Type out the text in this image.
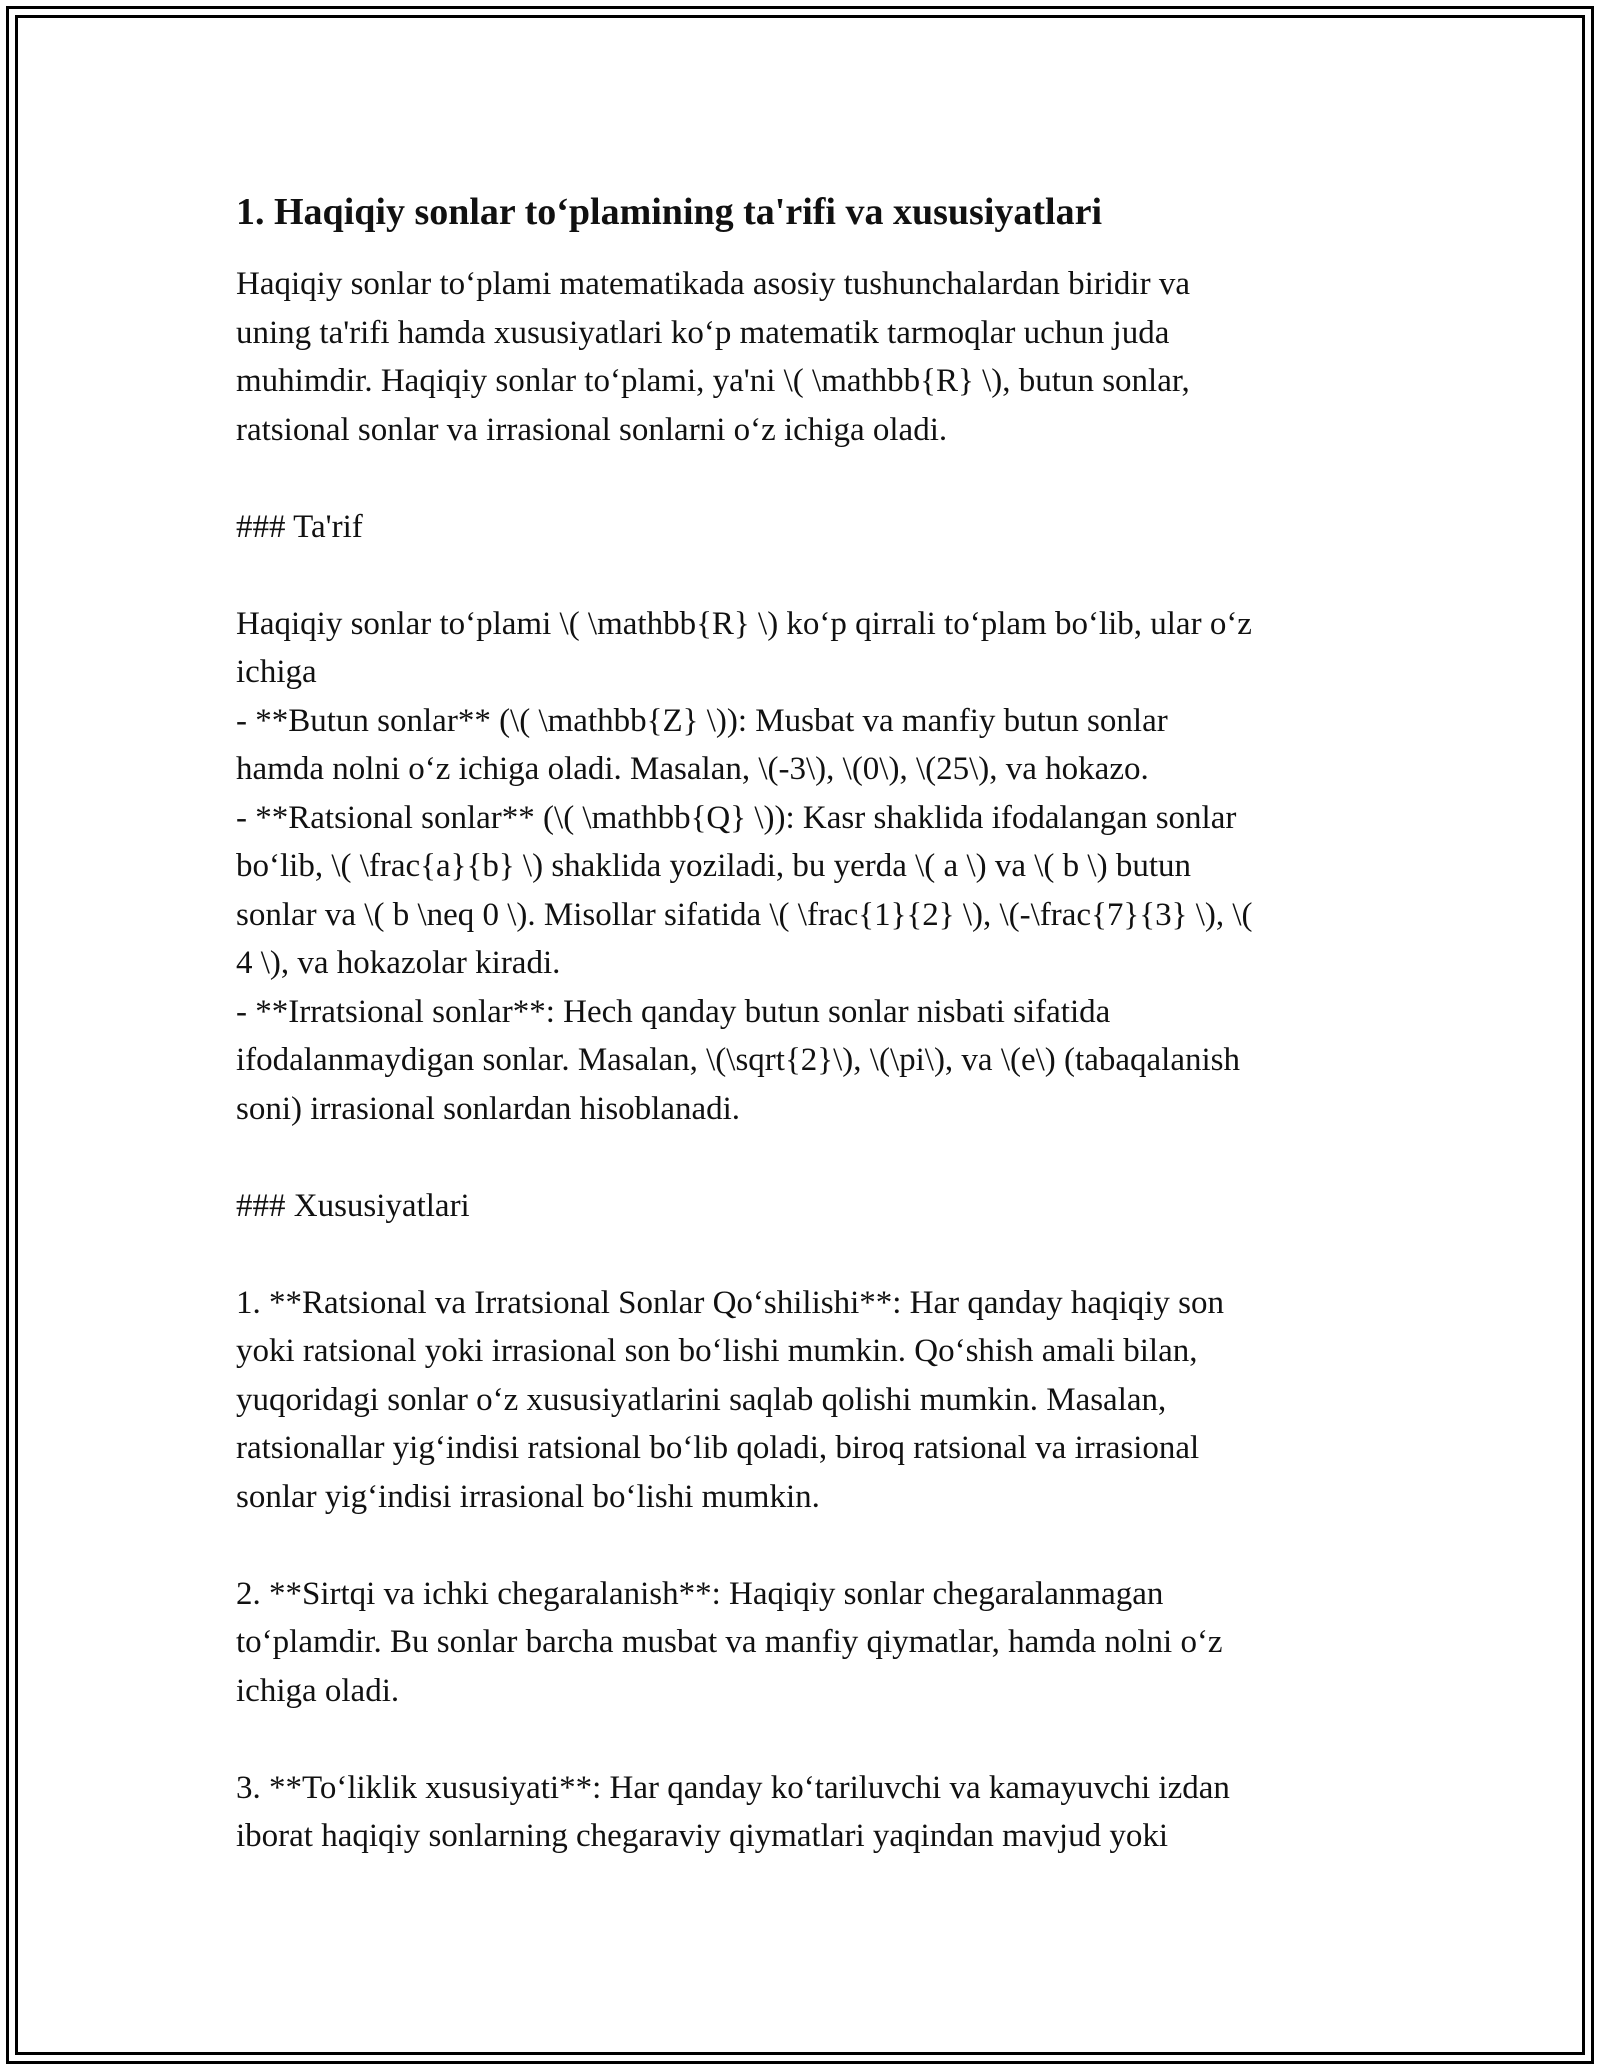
1. Haqiqiy sonlar to‘plamining ta'rifi va xususiyatlari

Haqiqiy sonlar to‘plami matematikada asosiy tushunchalardan biridir va
uning ta'rifi hamda xususiyatlari ko‘p matematik tarmoqlar uchun juda
muhimdir. Haqiqiy sonlar to‘plami, ya'ni \( \mathbb{R} \), butun sonlar,
ratsional sonlar va irrasional sonlarni o‘z ichiga oladi.

### Ta'rif

Haqiqiy sonlar to‘plami \( \mathbb{R} \) ko‘p qirrali to‘plam bo‘lib, ular o‘z
ichiga
- **Butun sonlar** (\( \mathbb{Z} \)): Musbat va manfiy butun sonlar
hamda nolni o‘z ichiga oladi. Masalan, \(-3\), \(0\), \(25\), va hokazo.
- **Ratsional sonlar** (\( \mathbb{Q} \)): Kasr shaklida ifodalangan sonlar
bo‘lib, \( \frac{a}{b} \) shaklida yoziladi, bu yerda \( a \) va \( b \) butun
sonlar va \( b \neq 0 \). Misollar sifatida \( \frac{1}{2} \), \(-\frac{7}{3} \), \(
4 \), va hokazolar kiradi.
- **Irratsional sonlar**: Hech qanday butun sonlar nisbati sifatida
ifodalanmaydigan sonlar. Masalan, \(\sqrt{2}\), \(\pi\), va \(e\) (tabaqalanish
soni) irrasional sonlardan hisoblanadi.

### Xususiyatlari

1. **Ratsional va Irratsional Sonlar Qo‘shilishi**: Har qanday haqiqiy son
yoki ratsional yoki irrasional son bo‘lishi mumkin. Qo‘shish amali bilan,
yuqoridagi sonlar o‘z xususiyatlarini saqlab qolishi mumkin. Masalan,
ratsionallar yig‘indisi ratsional bo‘lib qoladi, biroq ratsional va irrasional
sonlar yig‘indisi irrasional bo‘lishi mumkin.

2. **Sirtqi va ichki chegaralanish**: Haqiqiy sonlar chegaralanmagan
to‘plamdir. Bu sonlar barcha musbat va manfiy qiymatlar, hamda nolni o‘z
ichiga oladi.

3. **To‘liklik xususiyati**: Har qanday ko‘tariluvchi va kamayuvchi izdan
iborat haqiqiy sonlarning chegaraviy qiymatlari yaqindan mavjud yoki
